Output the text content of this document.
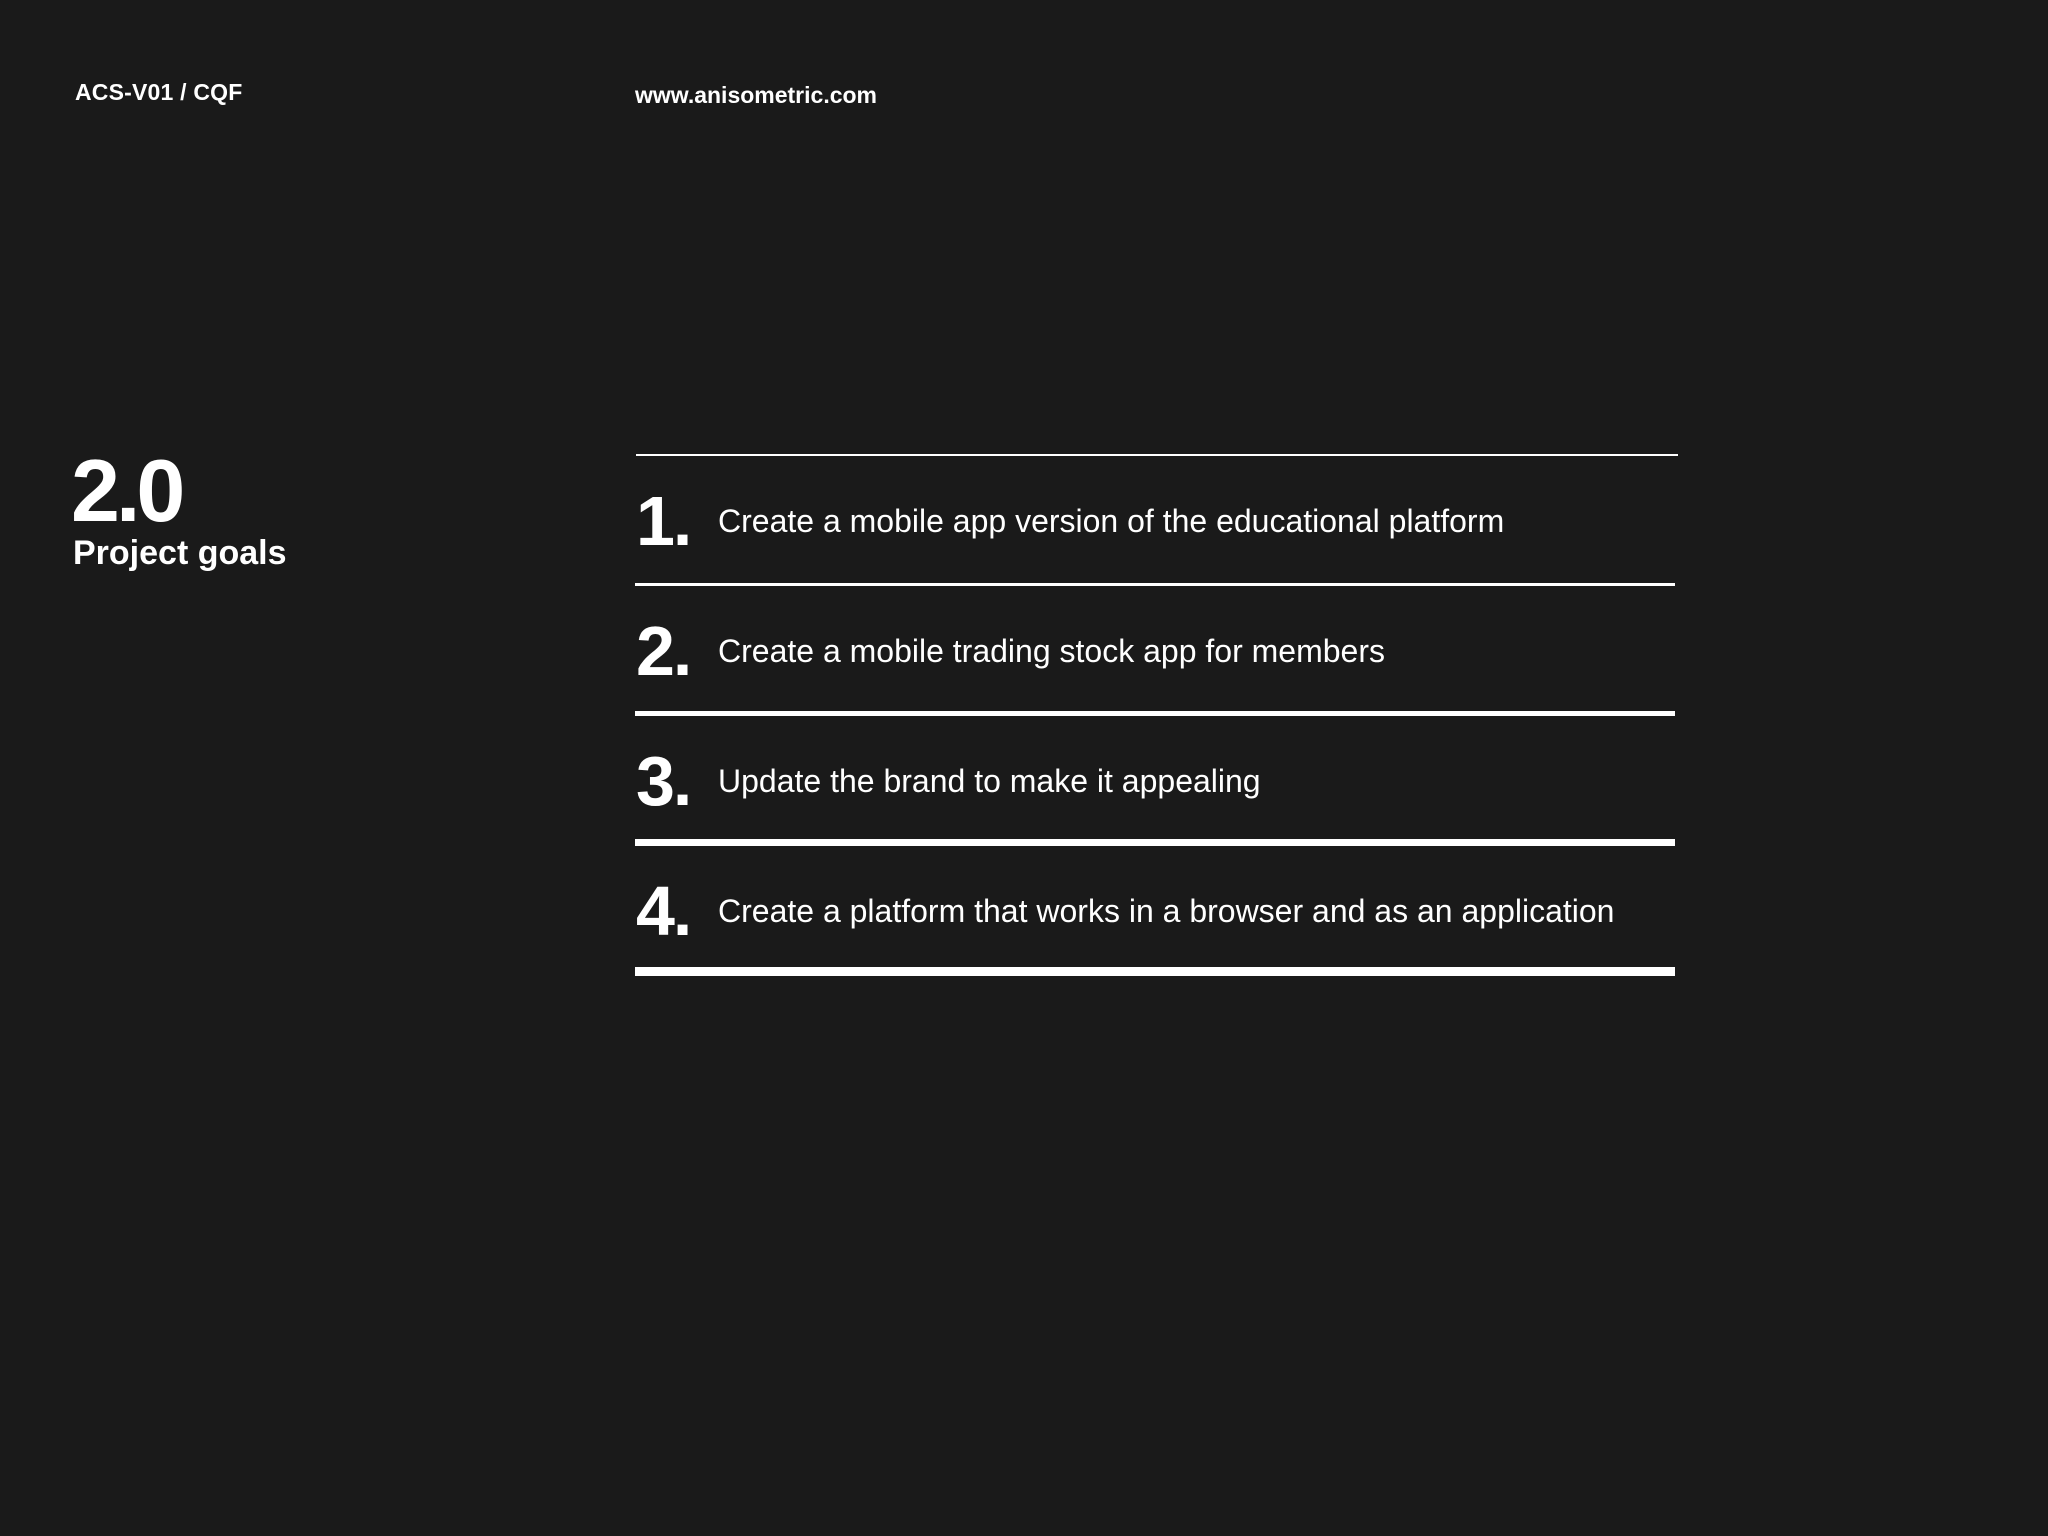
ACS-V01 / CQF	www.anisometric.com
2.0
Project goals	1. Create a mobile app version of the educational platform
2. Create a mobile trading stock app for members
3. Update the brand to make it appealing
4. Create a platform that works in a browser and as an application
